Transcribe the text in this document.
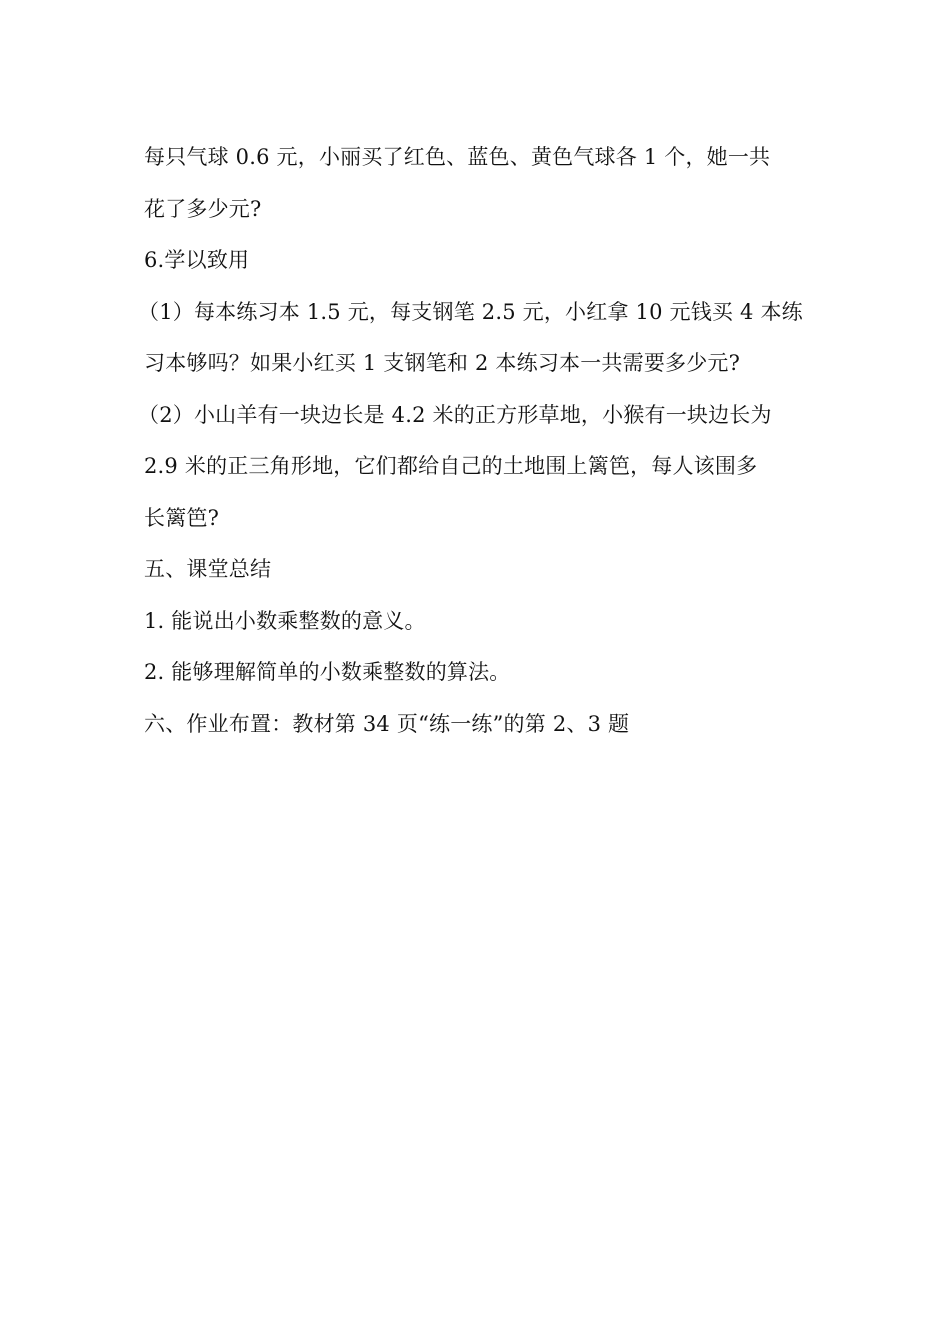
每只气球 0.6 元，小丽买了红色、蓝色、黄色气球各 1 个，她一共
花了多少元?
6.学以致用
（1）每本练习本 1.5 元，每支钢笔 2.5 元，小红拿 10 元钱买 4 本练
习本够吗？如果小红买 1 支钢笔和 2 本练习本一共需要多少元?
（2）小山羊有一块边长是 4.2 米的正方形草地，小猴有一块边长为
2.9 米的正三角形地，它们都给自己的土地围上篱笆，每人该围多
长篱笆?
五、课堂总结
1. 能说出小数乘整数的意义。
2. 能够理解简单的小数乘整数的算法。
六、作业布置：教材第 34 页“练一练”的第 2、3 题
